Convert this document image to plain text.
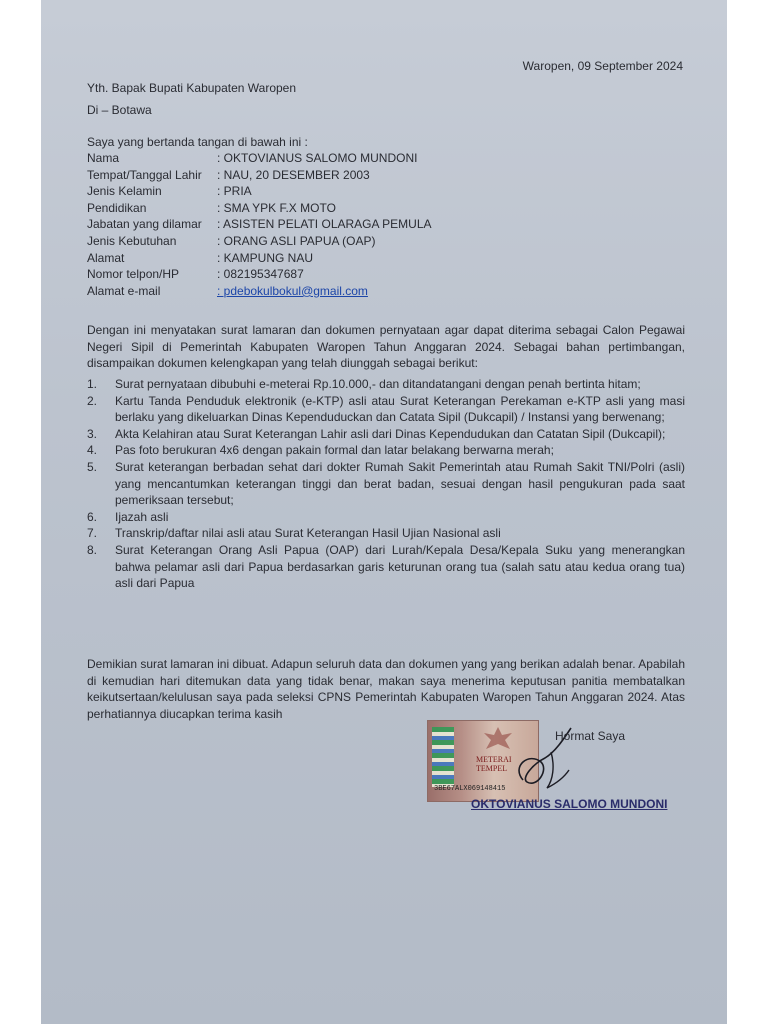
Waropen, 09 September 2024
Yth. Bapak Bupati Kabupaten Waropen
Di – Botawa
Saya yang bertanda tangan di bawah ini :
Nama	: OKTOVIANUS SALOMO MUNDONI
Tempat/Tanggal Lahir	: NAU, 20 DESEMBER 2003
Jenis Kelamin	: PRIA
Pendidikan	: SMA YPK F.X MOTO
Jabatan yang dilamar	: ASISTEN PELATI OLARAGA PEMULA
Jenis Kebutuhan	: ORANG ASLI PAPUA (OAP)
Alamat	: KAMPUNG NAU
Nomor telpon/HP	: 082195347687
Alamat e-mail	: pdebokulbokul@gmail.com
Dengan ini menyatakan surat lamaran dan dokumen pernyataan agar dapat diterima sebagai Calon Pegawai Negeri Sipil di Pemerintah Kabupaten Waropen Tahun Anggaran 2024. Sebagai bahan pertimbangan, disampaikan dokumen kelengkapan yang telah diunggah sebagai berikut:
1.	Surat pernyataan dibubuhi e-meterai Rp.10.000,- dan ditandatangani dengan penah bertinta hitam;
2.	Kartu Tanda Penduduk elektronik (e-KTP) asli atau Surat Keterangan Perekaman e-KTP asli yang masi berlaku yang dikeluarkan Dinas Kependuduckan dan Catata Sipil (Dukcapil) / Instansi yang berwenang;
3.	Akta Kelahiran atau Surat Keterangan Lahir asli dari Dinas Kependudukan dan Catatan Sipil (Dukcapil);
4.	Pas foto berukuran 4x6 dengan pakain formal dan latar belakang berwarna merah;
5.	Surat keterangan berbadan sehat dari dokter Rumah Sakit Pemerintah atau Rumah Sakit TNI/Polri (asli) yang mencantumkan keterangan tinggi dan berat badan, sesuai dengan hasil pengukuran pada saat pemeriksaan tersebut;
6.	Ijazah asli
7.	Transkrip/daftar nilai asli atau Surat Keterangan Hasil Ujian Nasional asli
8.	Surat Keterangan Orang Asli Papua (OAP) dari Lurah/Kepala Desa/Kepala Suku yang menerangkan bahwa pelamar asli dari Papua berdasarkan garis keturunan orang tua (salah satu atau kedua orang tua) asli dari Papua
Demikian surat lamaran ini dibuat. Adapun seluruh data dan dokumen yang yang berikan adalah benar. Apabilah di kemudian hari ditemukan data yang tidak benar, makan saya menerima keputusan panitia membatalkan keikutsertaan/kelulusan saya pada seleksi CPNS Pemerintah Kabupaten Waropen Tahun Anggaran 2024. Atas perhatiannya diucapkan terima kasih
METERAI TEMPEL
3BE67ALX069148415
Hormat Saya
OKTOVIANUS SALOMO MUNDONI
